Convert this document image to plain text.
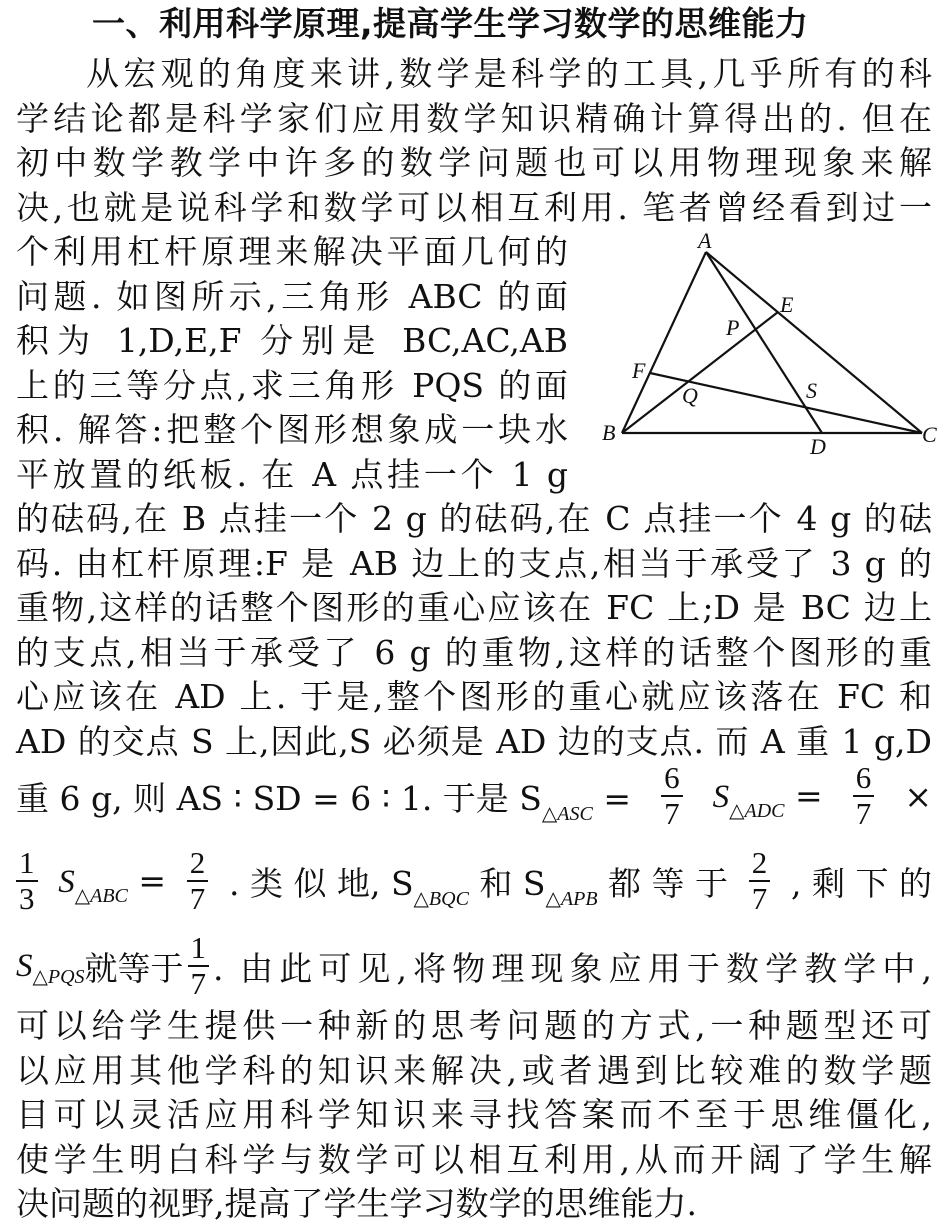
一、利用科学原理,提高学生学习数学的思维能力
从宏观的角度来讲,数学是科学的工具,几乎所有的科
学结论都是科学家们应用数学知识精确计算得出的. 但在
初中数学教学中许多的数学问题也可以用物理现象来解
决,也就是说科学和数学可以相互利用. 笔者曾经看到过一
个利用杠杆原理来解决平面几何的
问题. 如图所示,三角形 ABC 的面
积为 1,D,E,F 分别是 BC,AC,AB
上的三等分点,求三角形 PQS 的面
积. 解答:把整个图形想象成一块水
平放置的纸板. 在 A 点挂一个 1 g
的砝码,在 B 点挂一个 2 g 的砝码,在 C 点挂一个 4 g 的砝
码. 由杠杆原理:F 是 AB 边上的支点,相当于承受了 3 g 的
重物,这样的话整个图形的重心应该在 FC 上;D 是 BC 边上
的支点,相当于承受了 6 g 的重物,这样的话整个图形的重
心应该在 AD 上. 于是,整个图形的重心就应该落在 FC 和
AD 的交点 S 上,因此,S 必须是 AD 边的支点. 而 A 重 1 g,D
重 6 g, 则 AS ∶ SD = 6 ∶ 1. 于是 $S_{\triangle ASC} = \frac{6}{7} S_{\triangle ADC} = \frac{6}{7}$ ×
$\frac{1}{3} S_{\triangle ABC} = \frac{2}{7}$ . 类 似 地, $S_{\triangle BQC}$ 和 $S_{\triangle APB}$ 都 等 于 $\frac{2}{7}$ , 剩 下 的
S △PQS 就等于 $\frac{1}{7}$ . 由此可见,将物理现象应用于数学教学中,
可以给学生提供一种新的思考问题的方式,一种题型还可
以应用其他学科的知识来解决,或者遇到比较难的数学题
目可以灵活应用科学知识来寻找答案而不至于思维僵化,
使学生明白科学与数学可以相互利用,从而开阔了学生解
决问题的视野,提高了学生学习数学的思维能力.
A
B	C
D
E
F
P
Q	S
